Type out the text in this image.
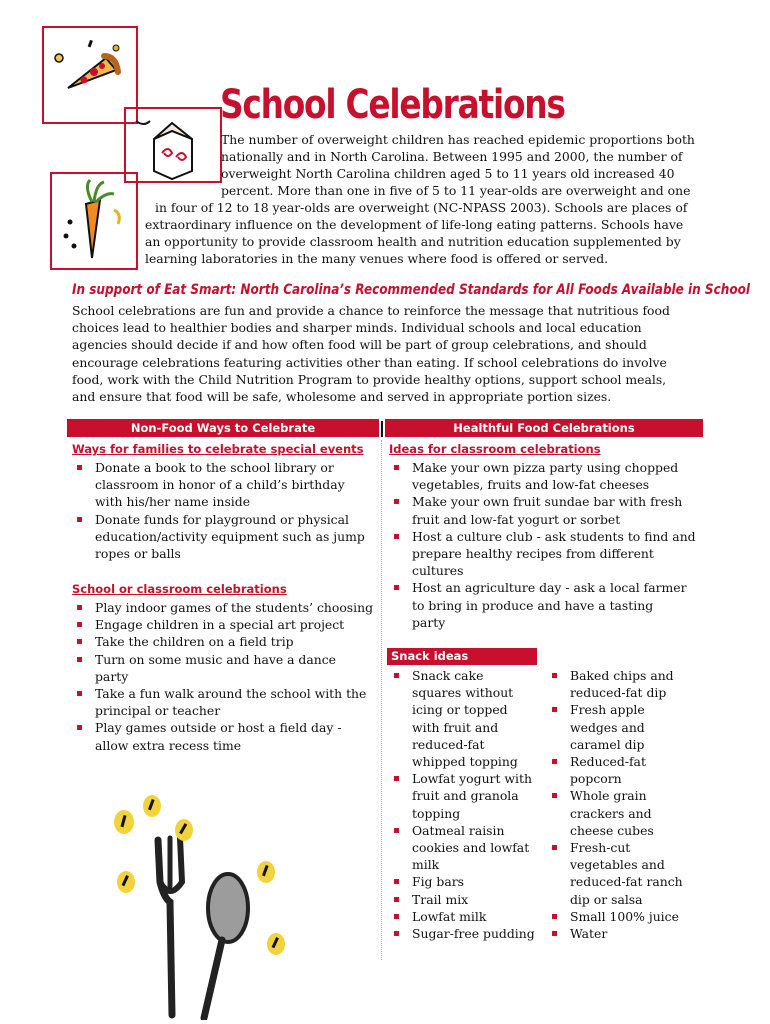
School Celebrations
The number of overweight children has reached epidemic proportions both
nationally and in North Carolina. Between 1995 and 2000, the number of
overweight North Carolina children aged 5 to 11 years old increased 40
percent. More than one in five of 5 to 11 year-olds are overweight and one
in four of 12 to 18 year-olds are overweight (NC-NPASS 2003). Schools are places of
extraordinary influence on the development of life-long eating patterns. Schools have
an opportunity to provide classroom health and nutrition education supplemented by
learning laboratories in the many venues where food is offered or served.
In support of Eat Smart: North Carolina’s Recommended Standards for All Foods Available in School
School celebrations are fun and provide a chance to reinforce the message that nutritious food choices lead to healthier bodies and sharper minds. Individual schools and local education agencies should decide if and how often food will be part of group celebrations, and should encourage celebrations featuring activities other than eating. If school celebrations do involve food, work with the Child Nutrition Program to provide healthy options, support school meals, and ensure that food will be safe, wholesome and served in appropriate portion sizes.
Non-Food Ways to Celebrate	Healthful Food Celebrations
Ways for families to celebrate special events
Donate a book to the school library or classroom in honor of a child’s birthday with his/her name inside
Donate funds for playground or physical education/activity equipment such as jump ropes or balls
School or classroom celebrations
Play indoor games of the students’ choosing
Engage children in a special art project
Take the children on a field trip
Turn on some music and have a dance party
Take a fun walk around the school with the principal or teacher
Play games outside or host a field day - allow extra recess time
Ideas for classroom celebrations
Make your own pizza party using chopped vegetables, fruits and low-fat cheeses
Make your own fruit sundae bar with fresh fruit and low-fat yogurt or sorbet
Host a culture club - ask students to find and prepare healthy recipes from different cultures
Host an agriculture day - ask a local farmer to bring in produce and have a tasting party
Snack ideas
Snack cake squares without icing or topped with fruit and reduced-fat whipped topping
Lowfat yogurt with fruit and granola topping
Oatmeal raisin cookies and lowfat milk
Fig bars
Trail mix
Lowfat milk
Sugar-free pudding
Baked chips and reduced-fat dip
Fresh apple wedges and caramel dip
Reduced-fat popcorn
Whole grain crackers and cheese cubes
Fresh-cut vegetables and reduced-fat ranch dip or salsa
Small 100% juice
Water
